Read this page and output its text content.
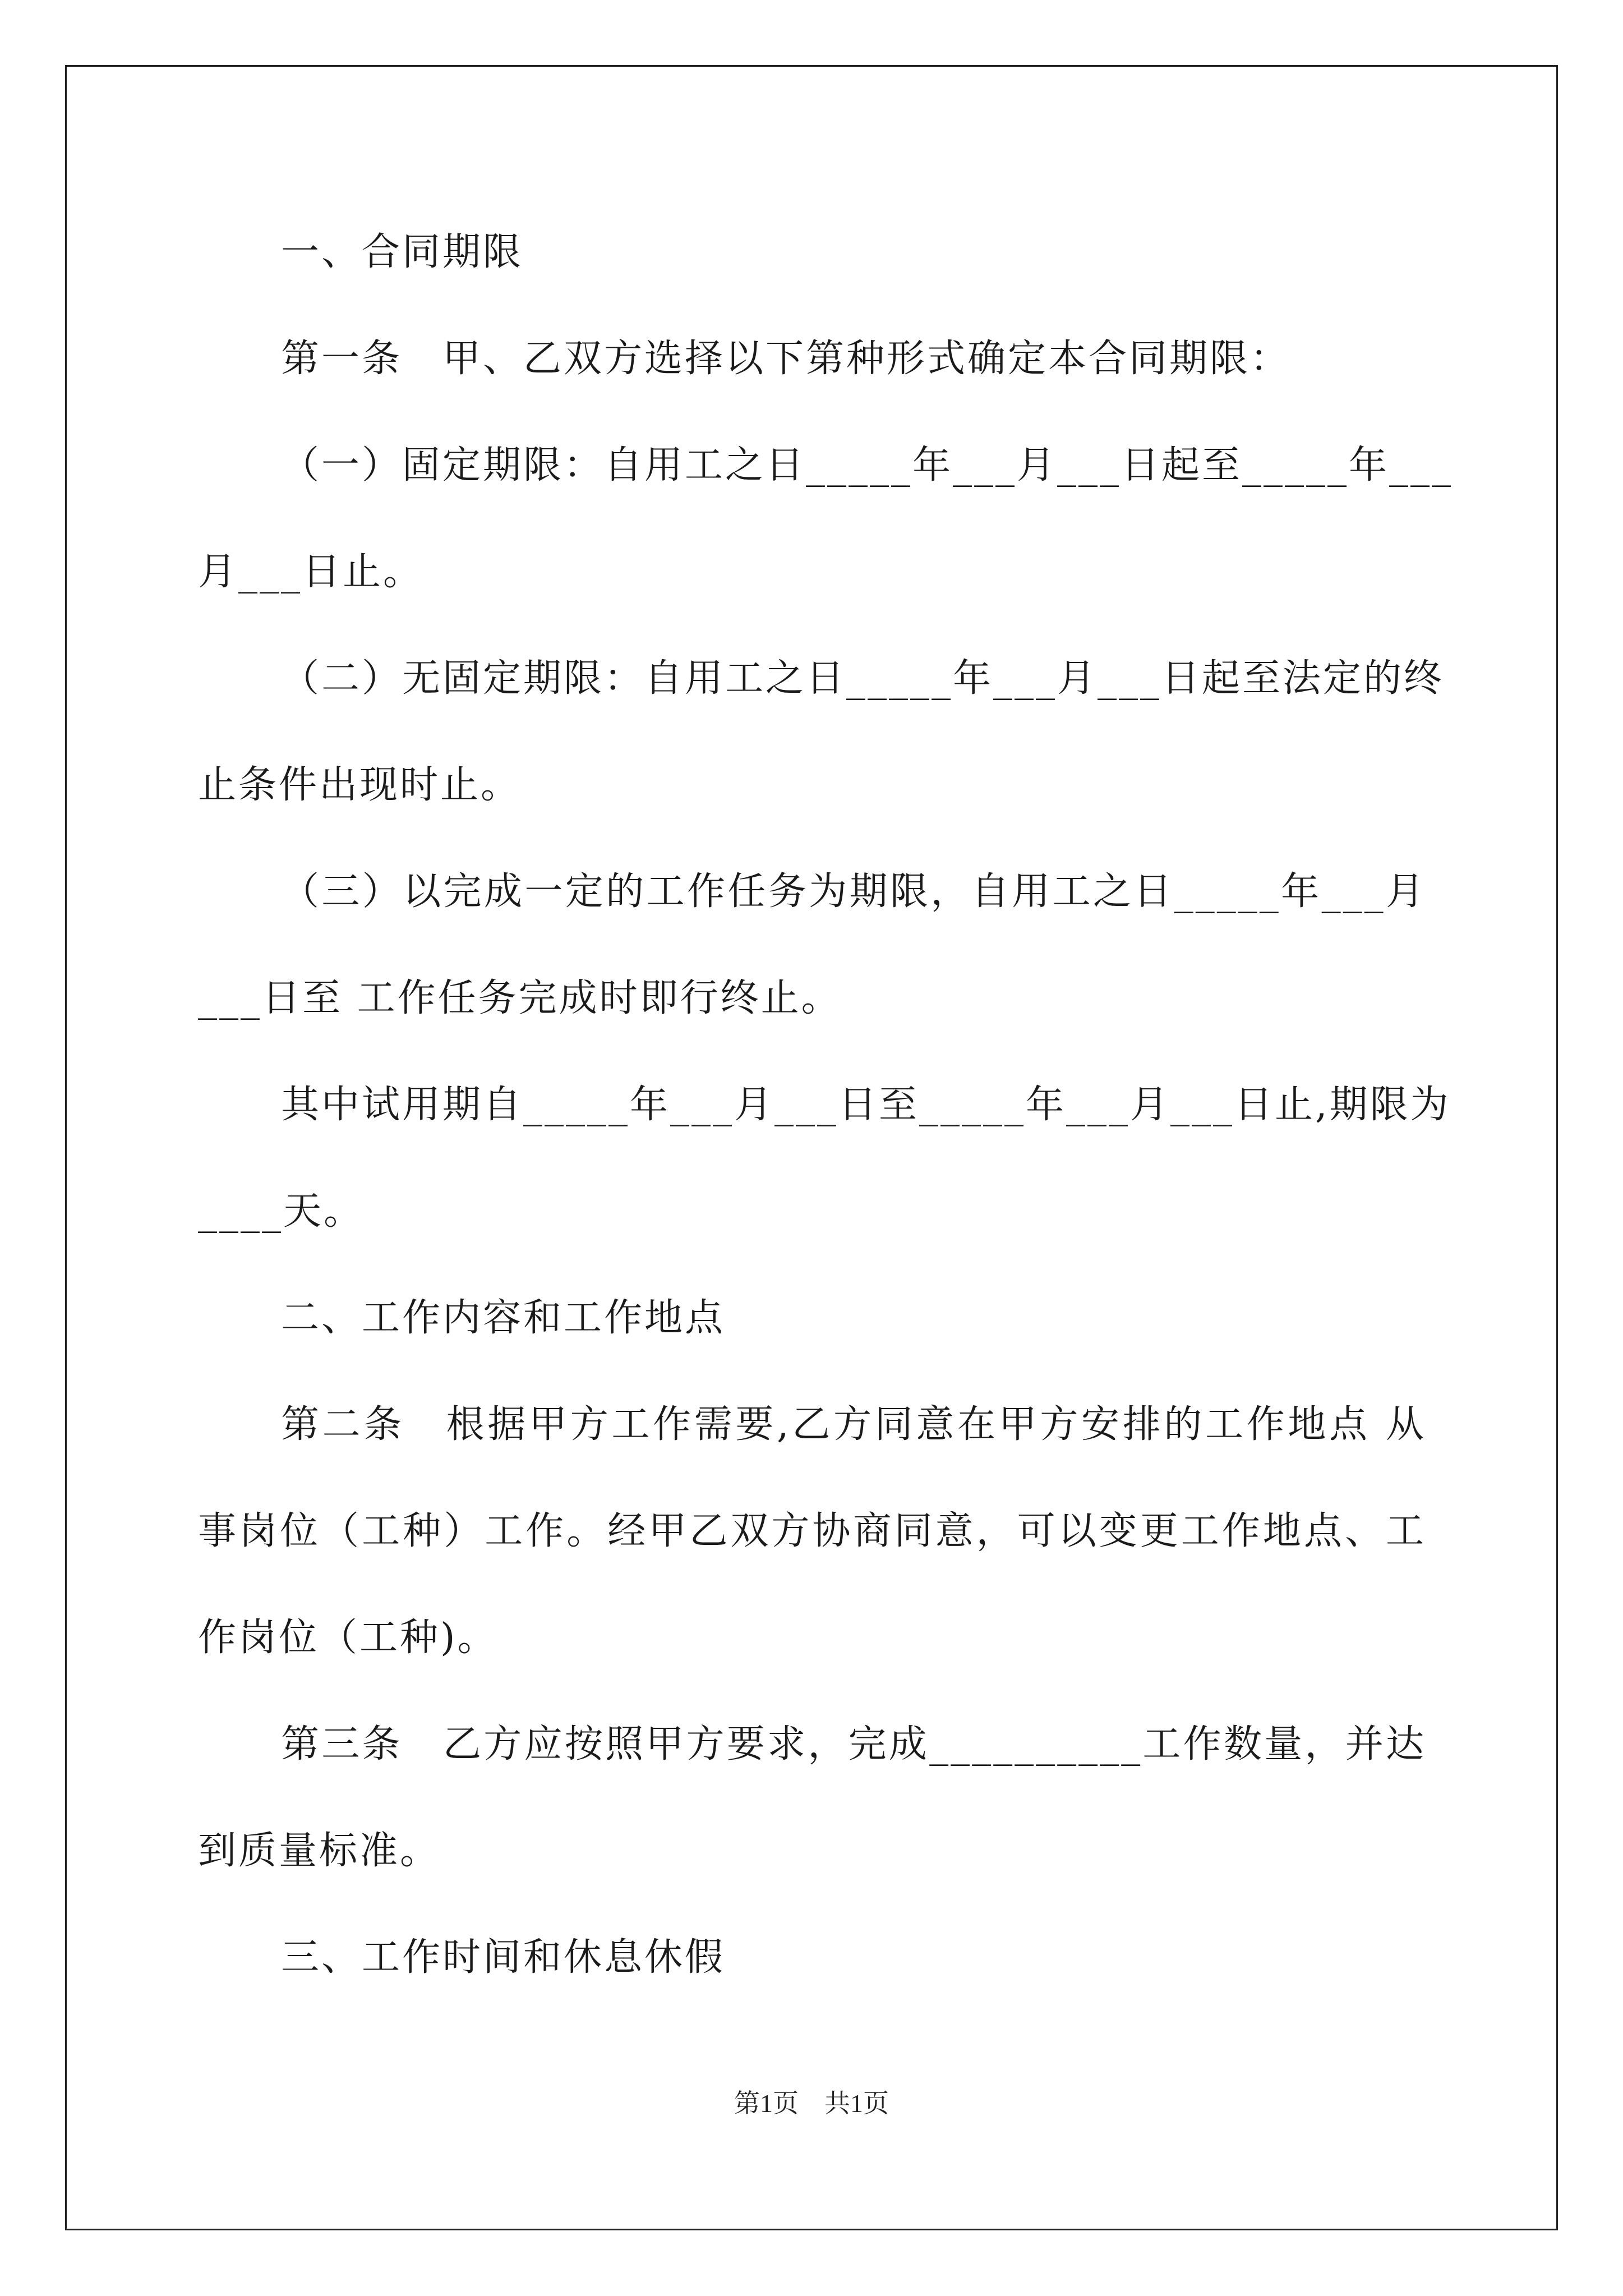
一、合同期限
第一条　甲、乙双方选择以下第种形式确定本合同期限：
（一）固定期限：自用工之日_____年___月___日起至_____年___
月___日止。
（二）无固定期限：自用工之日_____年___月___日起至法定的终
止条件出现时止。
（三）以完成一定的工作任务为期限，自用工之日_____年___月
___日至 工作任务完成时即行终止。
其中试用期自_____年___月___日至_____年___月___日止,期限为
____天。
二、工作内容和工作地点
第二条　根据甲方工作需要,乙方同意在甲方安排的工作地点 从
事岗位（工种）工作。经甲乙双方协商同意，可以变更工作地点、工
作岗位（工种)。
第三条　乙方应按照甲方要求，完成__________工作数量，并达
到质量标准。
三、工作时间和休息休假
第1页　共1页
